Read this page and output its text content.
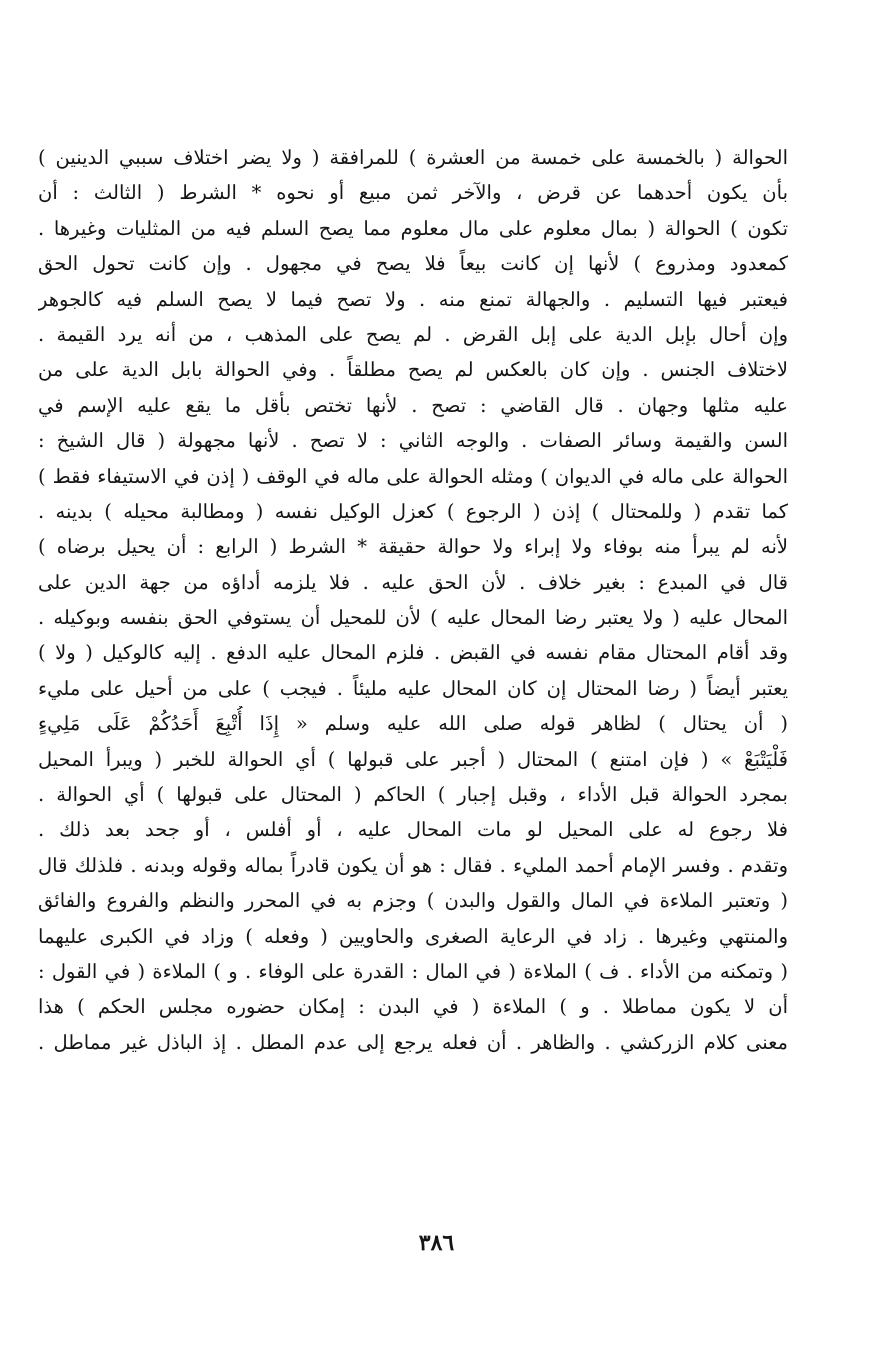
الحوالة ( بالخمسة على خمسة من العشرة ) للمرافقة ( ولا يضر اختلاف سببي الدينين )
بأن يكون أحدهما عن قرض ، والآخر ثمن مبيع أو نحوه * الشرط ( الثالث : أن
تكون ) الحوالة ( بمال معلوم على مال معلوم مما يصح السلم فيه من المثليات وغيرها .
كمعدود ومذروع ) لأنها إن كانت بيعاً فلا يصح في مجهول . وإن كانت تحول الحق
فيعتبر فيها التسليم . والجهالة تمنع منه . ولا تصح فيما لا يصح السلم فيه كالجوهر
وإن أحال بإبل الدية على إبل القرض . لم يصح على المذهب ، من أنه يرد القيمة .
لاختلاف الجنس . وإن كان بالعكس لم يصح مطلقاً . وفي الحوالة بابل الدية على من
عليه مثلها وجهان . قال القاضي : تصح . لأنها تختص بأقل ما يقع عليه الإسم في
السن والقيمة وسائر الصفات . والوجه الثاني : لا تصح . لأنها مجهولة ( قال الشيخ :
الحوالة على ماله في الديوان ) ومثله الحوالة على ماله في الوقف ( إذن في الاستيفاء فقط )
كما تقدم ( وللمحتال ) إذن ( الرجوع ) كعزل الوكيل نفسه ( ومطالبة محيله ) بدينه .
لأنه لم يبرأ منه بوفاء ولا إبراء ولا حوالة حقيقة * الشرط ( الرابع : أن يحيل برضاه )
قال في المبدع : بغير خلاف . لأن الحق عليه . فلا يلزمه أداؤه من جهة الدين على
المحال عليه ( ولا يعتبر رضا المحال عليه ) لأن للمحيل أن يستوفي الحق بنفسه وبوكيله .
وقد أقام المحتال مقام نفسه في القبض . فلزم المحال عليه الدفع . إليه كالوكيل ( ولا )
يعتبر أيضاً ( رضا المحتال إن كان المحال عليه مليئاً . فيجب ) على من أحيل على مليء
( أن يحتال ) لظاهر قوله صلى الله عليه وسلم « إِذَا أُتْبِعَ أَحَدُكُمْ عَلَى مَلِيءٍ
فَلْيَتْبَعْ » ( فإن امتنع ) المحتال ( أجبر على قبولها ) أي الحوالة للخبر ( ويبرأ المحيل
بمجرد الحوالة قبل الأداء ، وقبل إجبار ) الحاكم ( المحتال على قبولها ) أي الحوالة .
فلا رجوع له على المحيل لو مات المحال عليه ، أو أفلس ، أو جحد بعد ذلك .
وتقدم . وفسر الإمام أحمد المليء . فقال : هو أن يكون قادراً بماله وقوله وبدنه . فلذلك قال
( وتعتبر الملاءة في المال والقول والبدن ) وجزم به في المحرر والنظم والفروع والفائق
والمنتهي وغيرها . زاد في الرعاية الصغرى والحاويين ( وفعله ) وزاد في الكبرى عليهما
( وتمكنه من الأداء . ف ) الملاءة ( في المال : القدرة على الوفاء . و ) الملاءة ( في القول :
أن لا يكون مماطلا . و ) الملاءة ( في البدن : إمكان حضوره مجلس الحكم ) هذا
معنى كلام الزركشي . والظاهر . أن فعله يرجع إلى عدم المطل . إذ الباذل غير مماطل .
٣٨٦
